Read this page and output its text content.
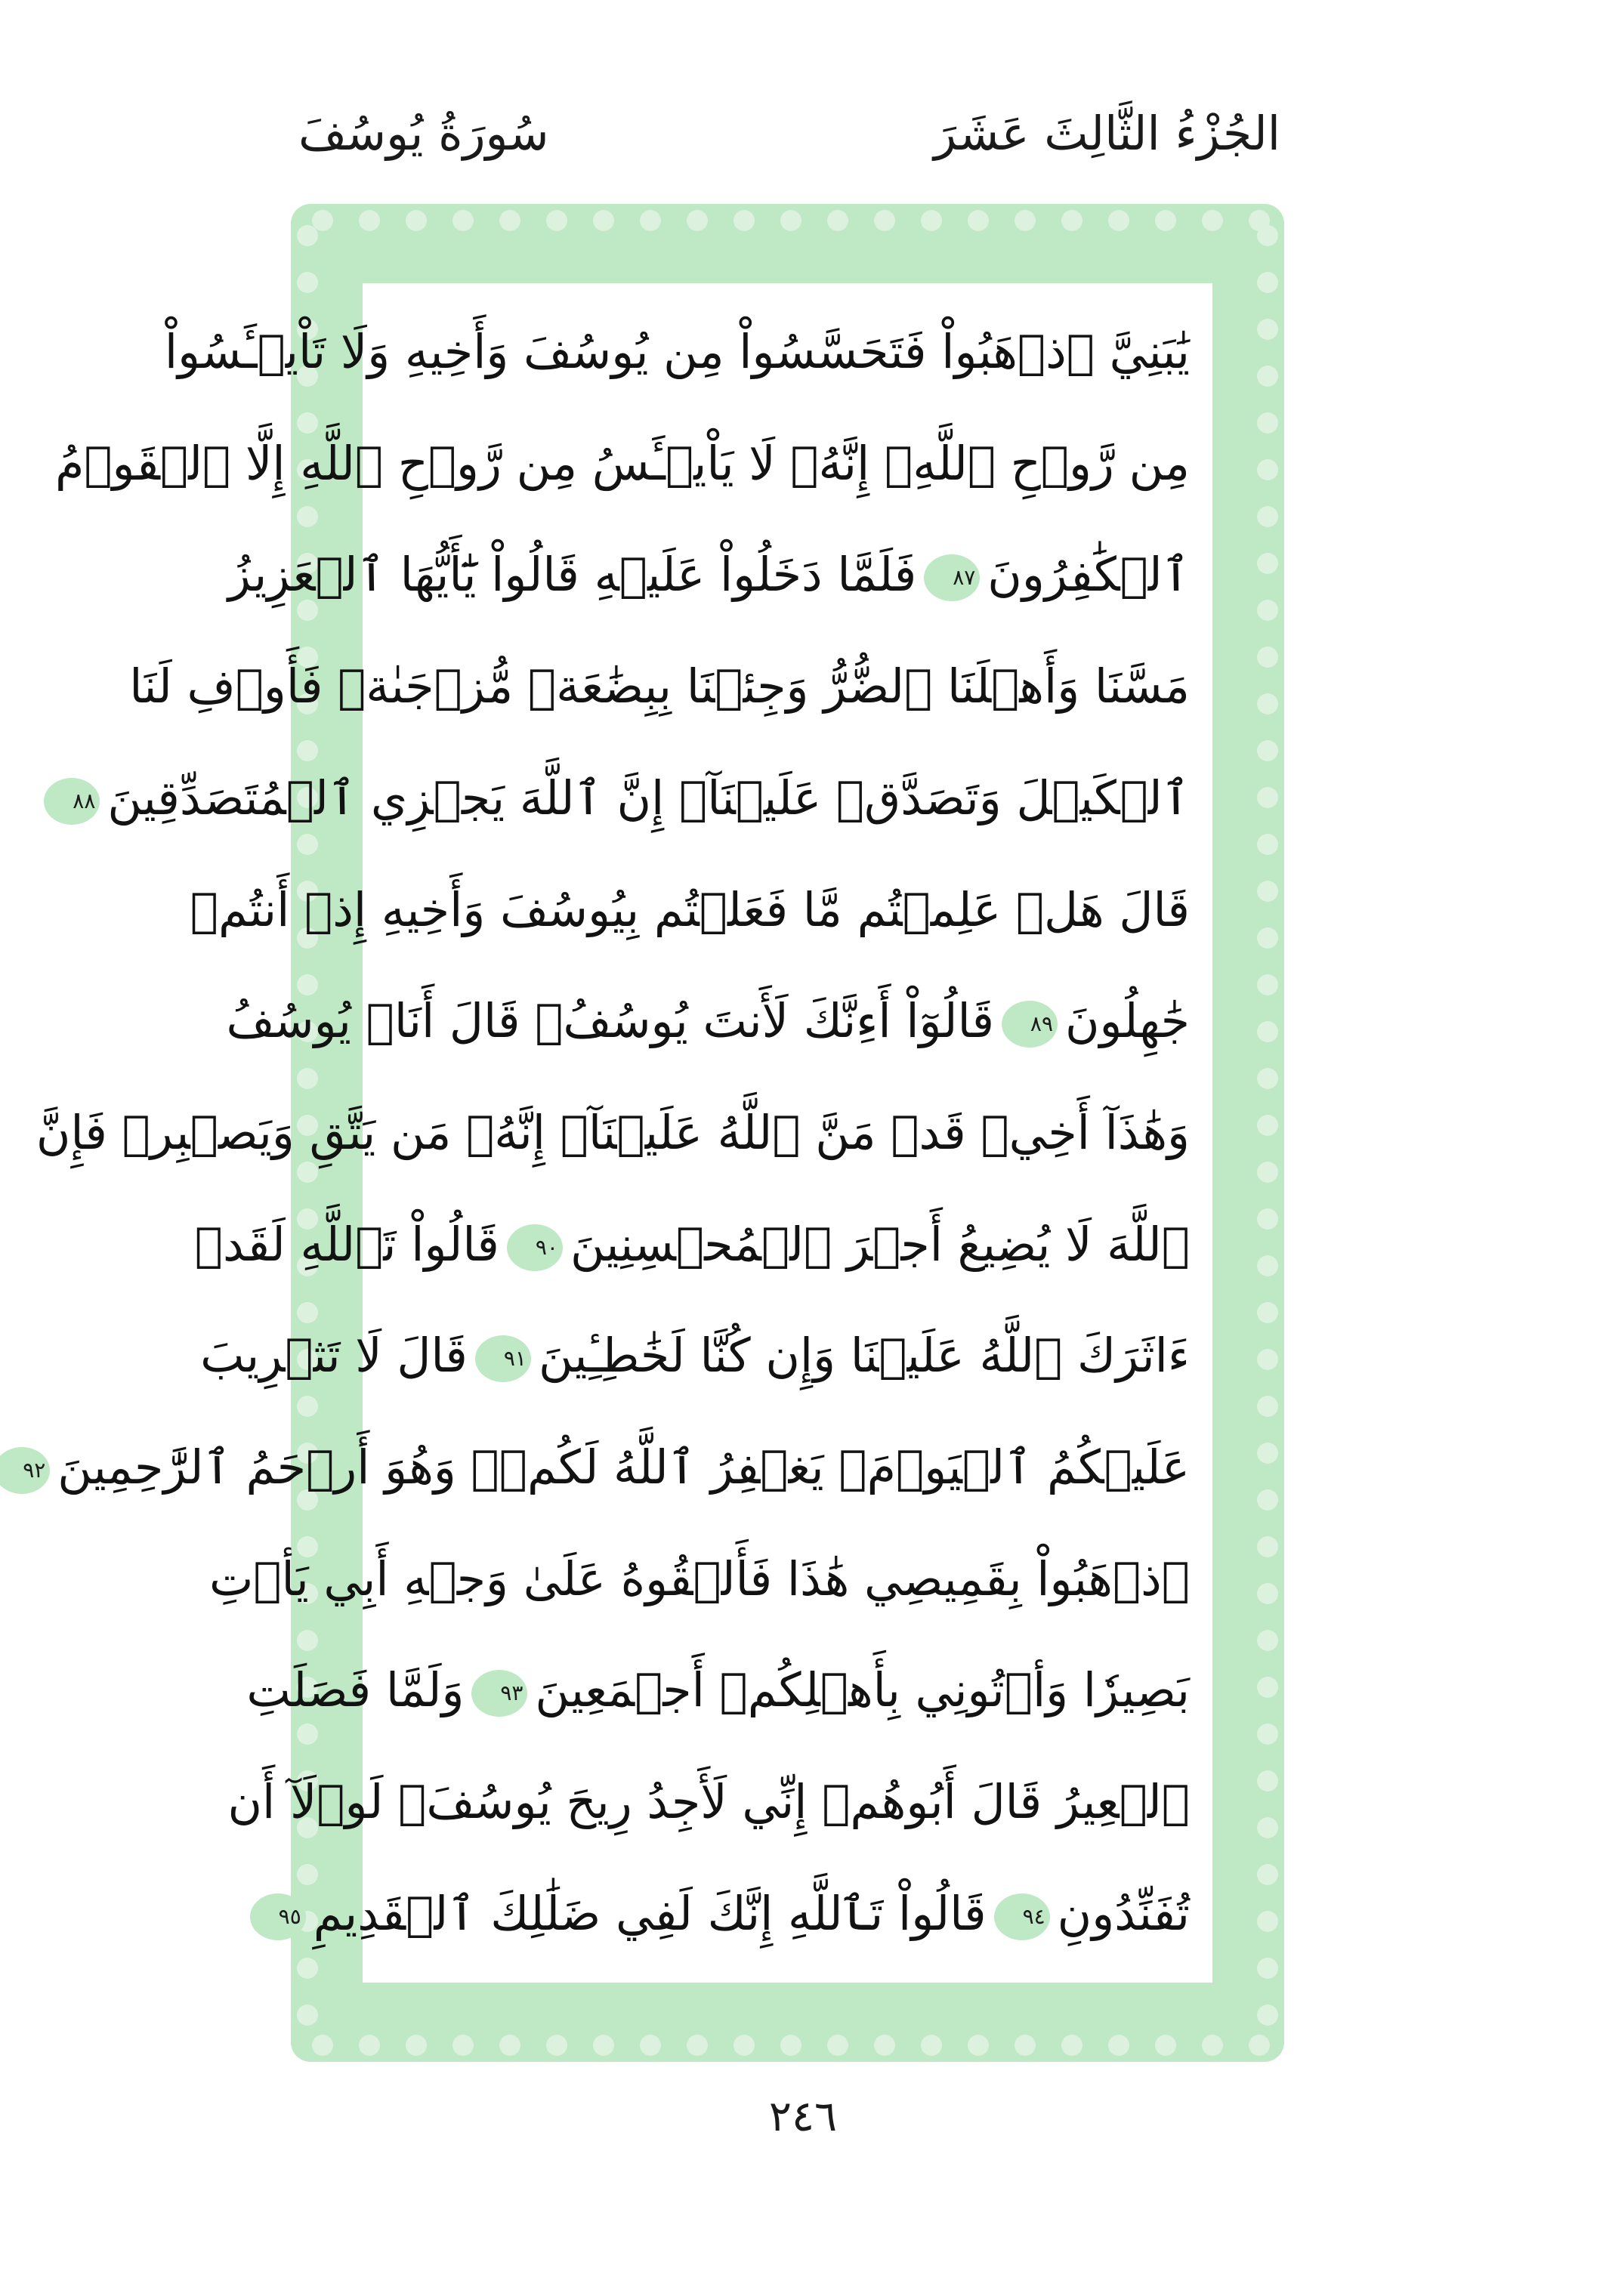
الجُزْءُ الثَّالِثَ عَشَرَ
سُورَةُ يُوسُفَ
يَٰبَنِيَّ ٱذۡهَبُواْ فَتَحَسَّسُواْ مِن يُوسُفَ وَأَخِيهِ وَلَا تَاْيۡـَٔسُواْ
مِن رَّوۡحِ ٱللَّهِۖ إِنَّهُۥ لَا يَاْيۡـَٔسُ مِن رَّوۡحِ ٱللَّهِ إِلَّا ٱلۡقَوۡمُ
ٱلۡكَٰفِرُونَ٨٧فَلَمَّا دَخَلُواْ عَلَيۡهِ قَالُواْ يَٰٓأَيُّهَا ٱلۡعَزِيزُ
مَسَّنَا وَأَهۡلَنَا ٱلضُّرُّ وَجِئۡنَا بِبِضَٰعَةٖ مُّزۡجَىٰةٖ فَأَوۡفِ لَنَا
ٱلۡكَيۡلَ وَتَصَدَّقۡ عَلَيۡنَآۖ إِنَّ ٱللَّهَ يَجۡزِي ٱلۡمُتَصَدِّقِينَ٨٨
قَالَ هَلۡ عَلِمۡتُم مَّا فَعَلۡتُم بِيُوسُفَ وَأَخِيهِ إِذۡ أَنتُمۡ
جَٰهِلُونَ٨٩قَالُوٓاْ أَءِنَّكَ لَأَنتَ يُوسُفُۖ قَالَ أَنَا۠ يُوسُفُ
وَهَٰذَآ أَخِيۖ قَدۡ مَنَّ ٱللَّهُ عَلَيۡنَآۖ إِنَّهُۥ مَن يَتَّقِ وَيَصۡبِرۡ فَإِنَّ
ٱللَّهَ لَا يُضِيعُ أَجۡرَ ٱلۡمُحۡسِنِينَ٩٠قَالُواْ تَٱللَّهِ لَقَدۡ
ءَاثَرَكَ ٱللَّهُ عَلَيۡنَا وَإِن كُنَّا لَخَٰطِـِٔينَ٩١قَالَ لَا تَثۡرِيبَ
عَلَيۡكُمُ ٱلۡيَوۡمَۖ يَغۡفِرُ ٱللَّهُ لَكُمۡۖ وَهُوَ أَرۡحَمُ ٱلرَّٰحِمِينَ٩٢
ٱذۡهَبُواْ بِقَمِيصِي هَٰذَا فَأَلۡقُوهُ عَلَىٰ وَجۡهِ أَبِي يَأۡتِ
بَصِيرٗا وَأۡتُونِي بِأَهۡلِكُمۡ أَجۡمَعِينَ٩٣وَلَمَّا فَصَلَتِ
ٱلۡعِيرُ قَالَ أَبُوهُمۡ إِنِّي لَأَجِدُ رِيحَ يُوسُفَۖ لَوۡلَآ أَن
تُفَنِّدُونِ٩٤قَالُواْ تَٱللَّهِ إِنَّكَ لَفِي ضَلَٰلِكَ ٱلۡقَدِيمِ٩٥
٢٤٦
